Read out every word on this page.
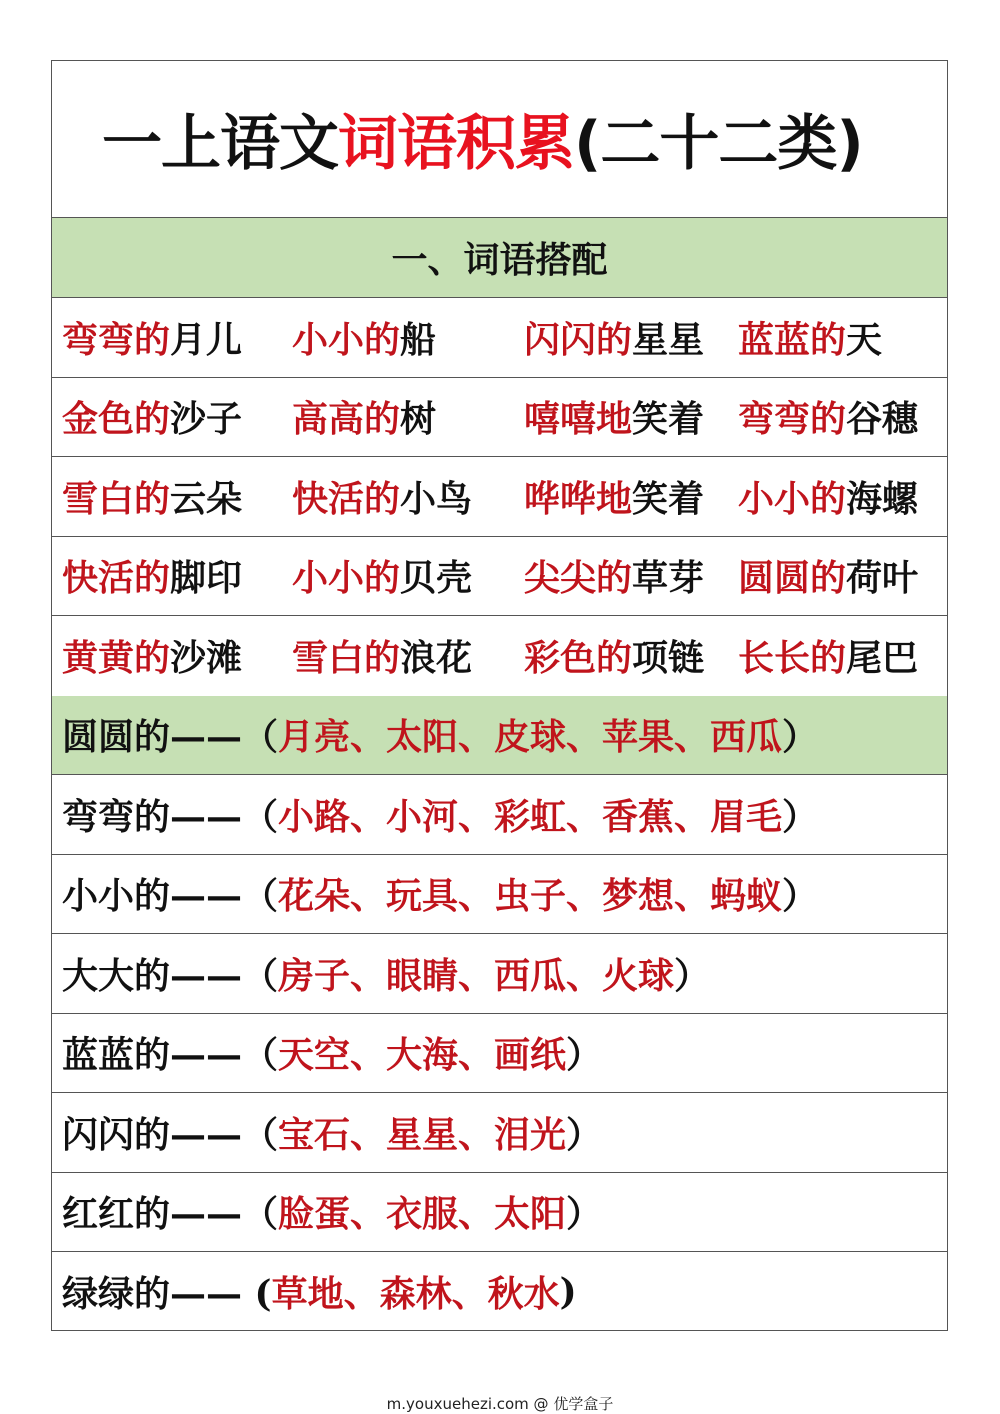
一上语文 词语积累 (二十二类)
一、词语搭配
弯弯的月儿 小小的船 闪闪的星星 蓝蓝的天
金色的沙子 高高的树 嘻嘻地笑着 弯弯的谷穗
雪白的云朵 快活的小鸟 哗哗地笑着 小小的海螺
快活的脚印 小小的贝壳 尖尖的草芽 圆圆的荷叶
黄黄的沙滩 雪白的浪花 彩色的项链 长长的尾巴
圆圆的——（ 月亮、太阳、皮球、苹果、西瓜 ）
弯弯的——（ 小路、小河、彩虹、香蕉、眉毛 ）
小小的——（ 花朵、玩具、虫子、梦想、蚂蚁 ）
大大的——（ 房子、眼睛、西瓜、火球 ）
蓝蓝的——（ 天空、大海、画纸 ）
闪闪的——（ 宝石、星星、泪光 ）
红红的——（ 脸蛋、衣服、太阳 ）
绿绿的—— ( 草地、森林、秋水 )
m.youxuehezi.com @ 优学盒子
